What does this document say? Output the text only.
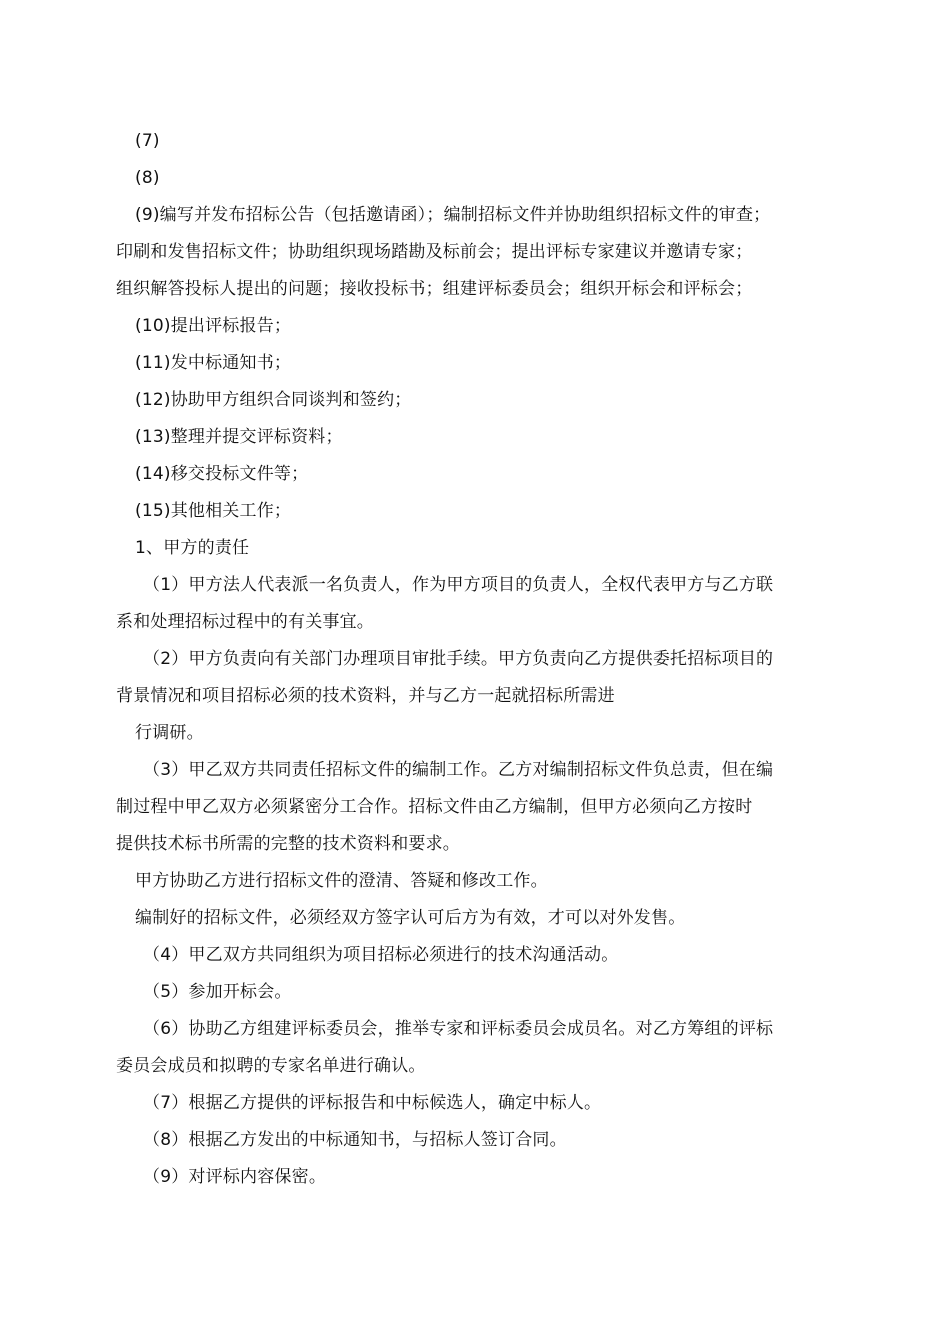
(7)
(8)
(9)编写并发布招标公告（包括邀请函）；编制招标文件并协助组织招标文件的审查；
印刷和发售招标文件；协助组织现场踏勘及标前会；提出评标专家建议并邀请专家；
组织解答投标人提出的问题；接收投标书；组建评标委员会；组织开标会和评标会；
(10)提出评标报告；
(11)发中标通知书；
(12)协助甲方组织合同谈判和签约；
(13)整理并提交评标资料；
(14)移交投标文件等；
(15)其他相关工作；
1、甲方的责任
（1）甲方法人代表派一名负责人，作为甲方项目的负责人，全权代表甲方与乙方联
系和处理招标过程中的有关事宜。
（2）甲方负责向有关部门办理项目审批手续。甲方负责向乙方提供委托招标项目的
背景情况和项目招标必须的技术资料，并与乙方一起就招标所需进
行调研。
（3）甲乙双方共同责任招标文件的编制工作。乙方对编制招标文件负总责，但在编
制过程中甲乙双方必须紧密分工合作。招标文件由乙方编制，但甲方必须向乙方按时
提供技术标书所需的完整的技术资料和要求。
甲方协助乙方进行招标文件的澄清、答疑和修改工作。
编制好的招标文件，必须经双方签字认可后方为有效，才可以对外发售。
（4）甲乙双方共同组织为项目招标必须进行的技术沟通活动。
（5）参加开标会。
（6）协助乙方组建评标委员会，推举专家和评标委员会成员名。对乙方筹组的评标
委员会成员和拟聘的专家名单进行确认。
（7）根据乙方提供的评标报告和中标候选人，确定中标人。
（8）根据乙方发出的中标通知书，与招标人签订合同。
（9）对评标内容保密。
